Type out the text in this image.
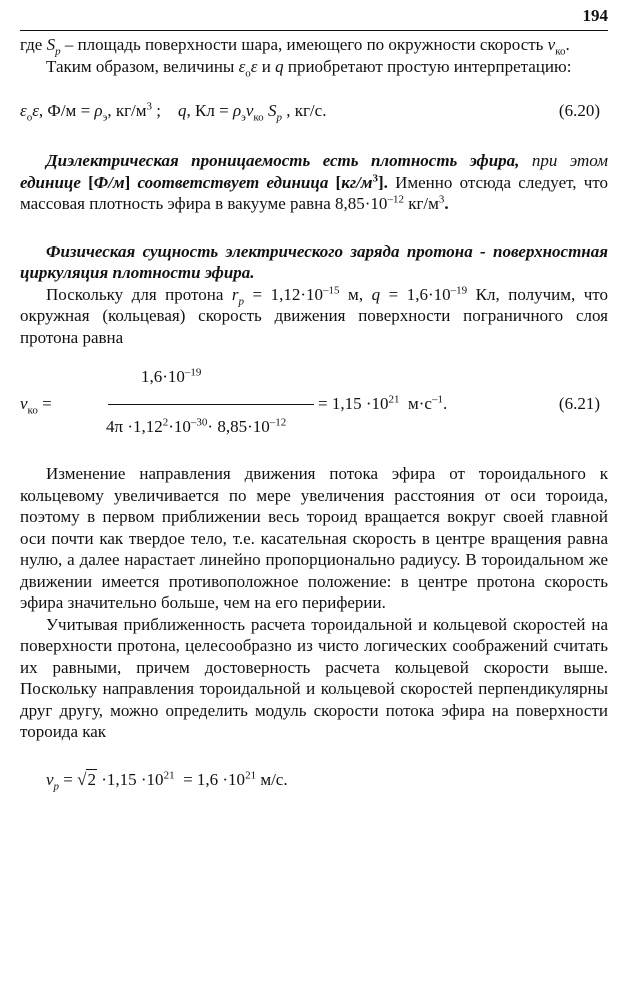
194

где $S_p$ – площадь поверхности шара, имеющего по окружности скорость $v_{ко}$.

Таким образом, величины $\varepsilon_о\varepsilon$ и q приобретают простую интерпретацию:

$\varepsilon_о\varepsilon$, $Ф/м = \rho_э$, $кг/м^3$ ;    q, Кл = $\rho_эv_{ко}$ $S_p$ , кг/с.	(6.20)

Диэлектрическая проницаемость есть плотность эфира, при этом единице [Ф/м] соответствует единица $[кг/м^3]$. Именно отсюда следует, что массовая плотность эфира в вакууме равна $8,85\cdot 10^{-12}$ $кг/м^3$.

Физическая сущность электрического заряда протона - поверхностная циркуляция плотности эфира.

Поскольку для протона $r_p = 1,12\cdot 10^{-15}$ м, $q = 1,6\cdot 10^{-19}$ Кл, получим, что окружная (кольцевая) скорость движения поверхности пограничного слоя протона равна

$1,6\cdot 10^{-19}$
$v_{ко}$ =	= $1,15 \cdot 10^{21}$  $м\cdot с^{-1}$.
$4\pi \cdot 1,12^2\cdot 10^{-30}\cdot 8,85\cdot 10^{-12}$
(6.21)

Изменение направления движения потока эфира от тороидального к кольцевому увеличивается по мере увеличения расстояния от оси тороида, поэтому в первом приближении весь тороид вращается вокруг своей главной оси почти как твердое тело, т.е. касательная скорость в центре вращения равна нулю, а далее нарастает линейно пропорционально радиусу. В тороидальном же движении имеется противоположное положение: в центре протона скорость эфира значительно больше, чем на его периферии.

Учитывая приближенность расчета тороидальной и кольцевой скоростей на поверхности протона, целесообразно из чисто логических соображений считать их равными, причем достоверность расчета кольцевой скорости выше. Поскольку направления тороидальной и кольцевой скоростей перпендикулярны друг другу, можно определить модуль скорости потока эфира на поверхности тороида как

$v_p = √2 \cdot 1,15 \cdot 10^{21} = 1,6 \cdot 10^{21}$ м/с.
